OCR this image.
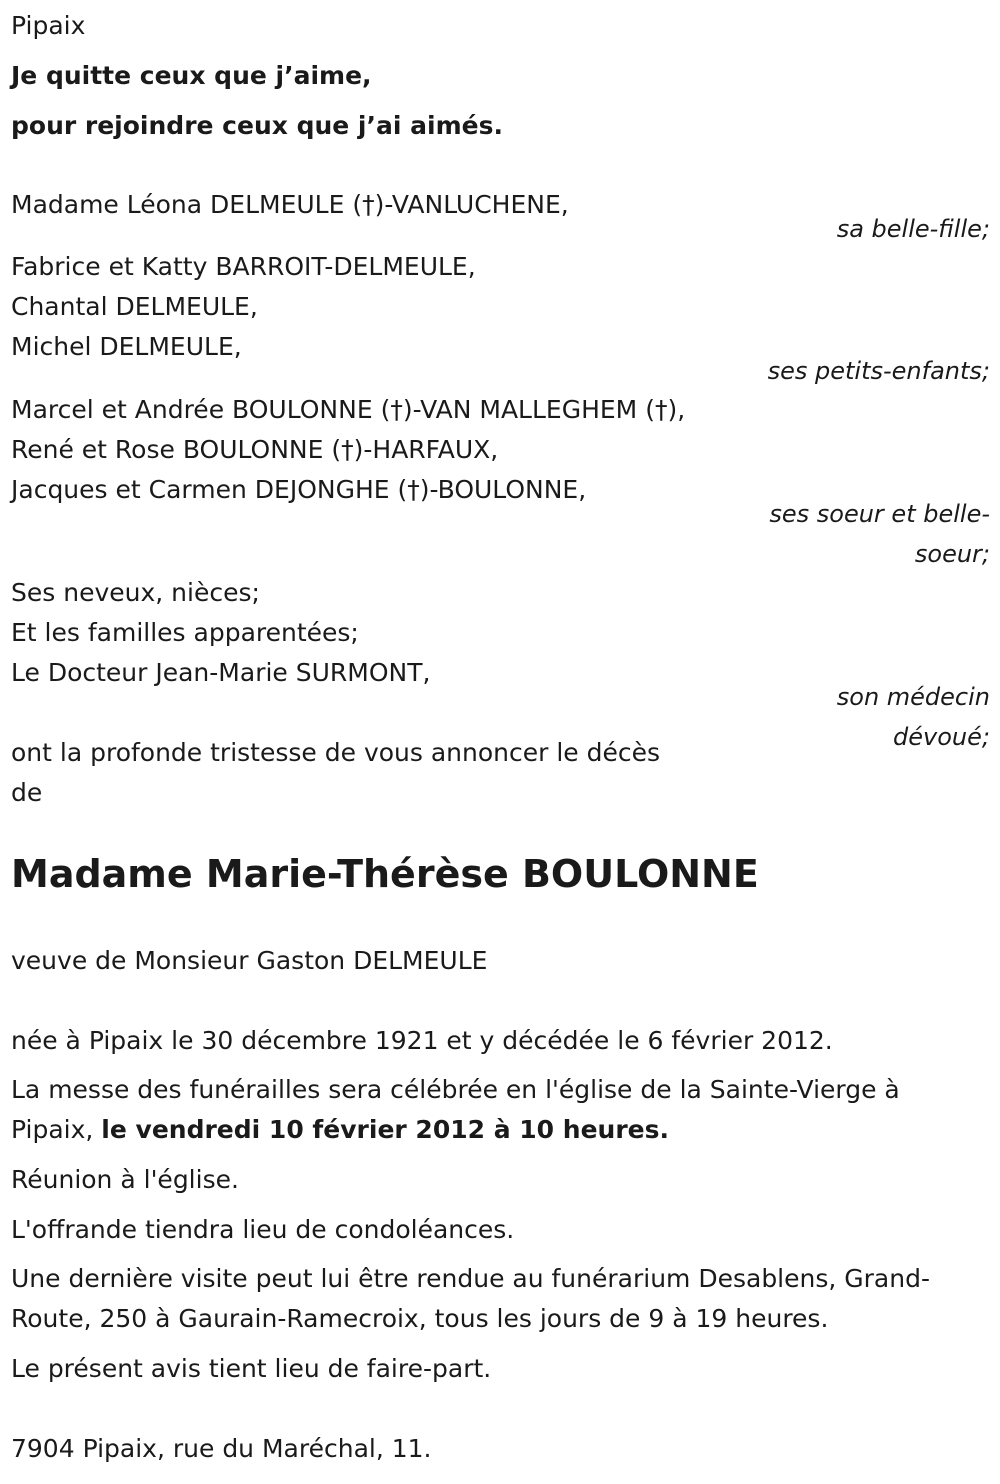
Pipaix
Je quitte ceux que j’aime,
pour rejoindre ceux que j’ai aimés.
Madame Léona DELMEULE (†)-VANLUCHENE,
sa belle-fille;
Fabrice et Katty BARROIT-DELMEULE,
Chantal DELMEULE,
Michel DELMEULE,
ses petits-enfants;
Marcel et Andrée BOULONNE (†)-VAN MALLEGHEM (†),
René et Rose BOULONNE (†)-HARFAUX,
Jacques et Carmen DEJONGHE (†)-BOULONNE,
ses soeur et belle-
soeur;
Ses neveux, nièces;
Et les familles apparentées;
Le Docteur Jean-Marie SURMONT,
son médecin
dévoué;
ont la profonde tristesse de vous annoncer le décès
de
Madame Marie-Thérèse BOULONNE
veuve de Monsieur Gaston DELMEULE
née à Pipaix le 30 décembre 1921 et y décédée le 6 février 2012.
La messe des funérailles sera célébrée en l'église de la Sainte-Vierge à
Pipaix, le vendredi 10 février 2012 à 10 heures.
Réunion à l'église.
L'offrande tiendra lieu de condoléances.
Une dernière visite peut lui être rendue au funérarium Desablens, Grand-
Route, 250 à Gaurain-Ramecroix, tous les jours de 9 à 19 heures.
Le présent avis tient lieu de faire-part.
7904 Pipaix, rue du Maréchal, 11.
